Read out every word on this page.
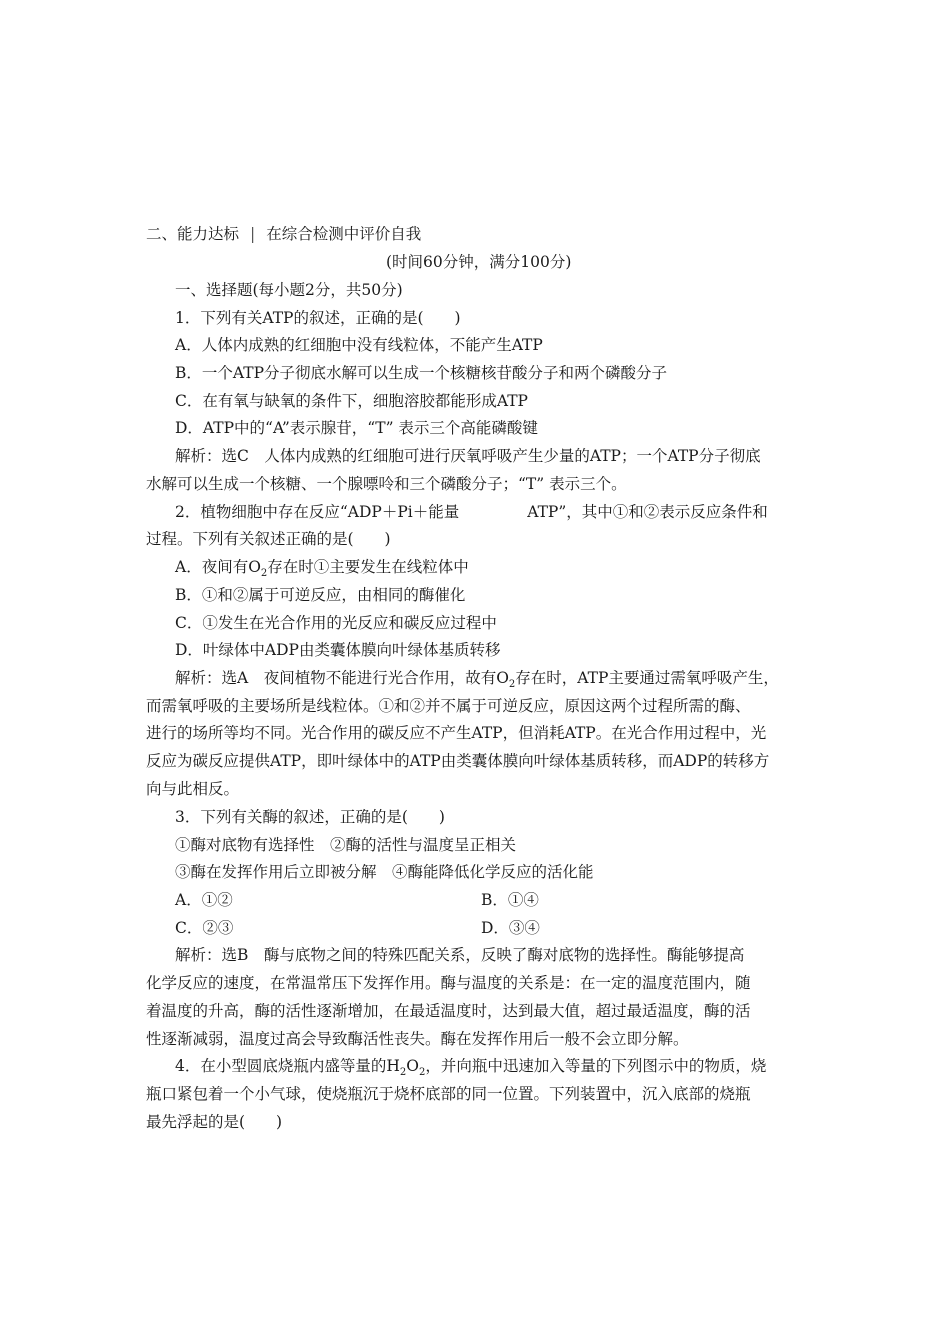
二、能力达标 | 在综合检测中评价自我
(时间60分钟，满分100分)
一、选择题(每小题2分，共50分)
1．下列有关ATP的叙述，正确的是(　　)
A．人体内成熟的红细胞中没有线粒体，不能产生ATP
B．一个ATP分子彻底水解可以生成一个核糖核苷酸分子和两个磷酸分子
C．在有氧与缺氧的条件下，细胞溶胶都能形成ATP
D．ATP中的“A”表示腺苷，“T” 表示三个高能磷酸键
解析：选C　人体内成熟的红细胞可进行厌氧呼吸产生少量的ATP；一个ATP分子彻底
水解可以生成一个核糖、一个腺嘌呤和三个磷酸分子；“T” 表示三个。
2．植物细胞中存在反应“ADP＋Pi＋能量	ATP”，其中①和②表示反应条件和
过程。下列有关叙述正确的是(　　)
A．夜间有$O_2$存在时①主要发生在线粒体中
B．①和②属于可逆反应，由相同的酶催化
C．①发生在光合作用的光反应和碳反应过程中
D．叶绿体中ADP由类囊体膜向叶绿体基质转移
解析：选A　夜间植物不能进行光合作用，故有$O_2$存在时，ATP主要通过需氧呼吸产生，
而需氧呼吸的主要场所是线粒体。①和②并不属于可逆反应，原因这两个过程所需的酶、
进行的场所等均不同。光合作用的碳反应不产生ATP，但消耗ATP。在光合作用过程中，光
反应为碳反应提供ATP，即叶绿体中的ATP由类囊体膜向叶绿体基质转移，而ADP的转移方
向与此相反。
3．下列有关酶的叙述，正确的是(　　)
①酶对底物有选择性　②酶的活性与温度呈正相关
③酶在发挥作用后立即被分解　④酶能降低化学反应的活化能
A．①②	B．①④
C．②③	D．③④
解析：选B　酶与底物之间的特殊匹配关系，反映了酶对底物的选择性。酶能够提高
化学反应的速度，在常温常压下发挥作用。酶与温度的关系是：在一定的温度范围内，随
着温度的升高，酶的活性逐渐增加，在最适温度时，达到最大值，超过最适温度，酶的活
性逐渐减弱，温度过高会导致酶活性丧失。酶在发挥作用后一般不会立即分解。
4．在小型圆底烧瓶内盛等量的$H_2O_2$，并向瓶中迅速加入等量的下列图示中的物质，烧
瓶口紧包着一个小气球，使烧瓶沉于烧杯底部的同一位置。下列装置中，沉入底部的烧瓶
最先浮起的是(　　)
